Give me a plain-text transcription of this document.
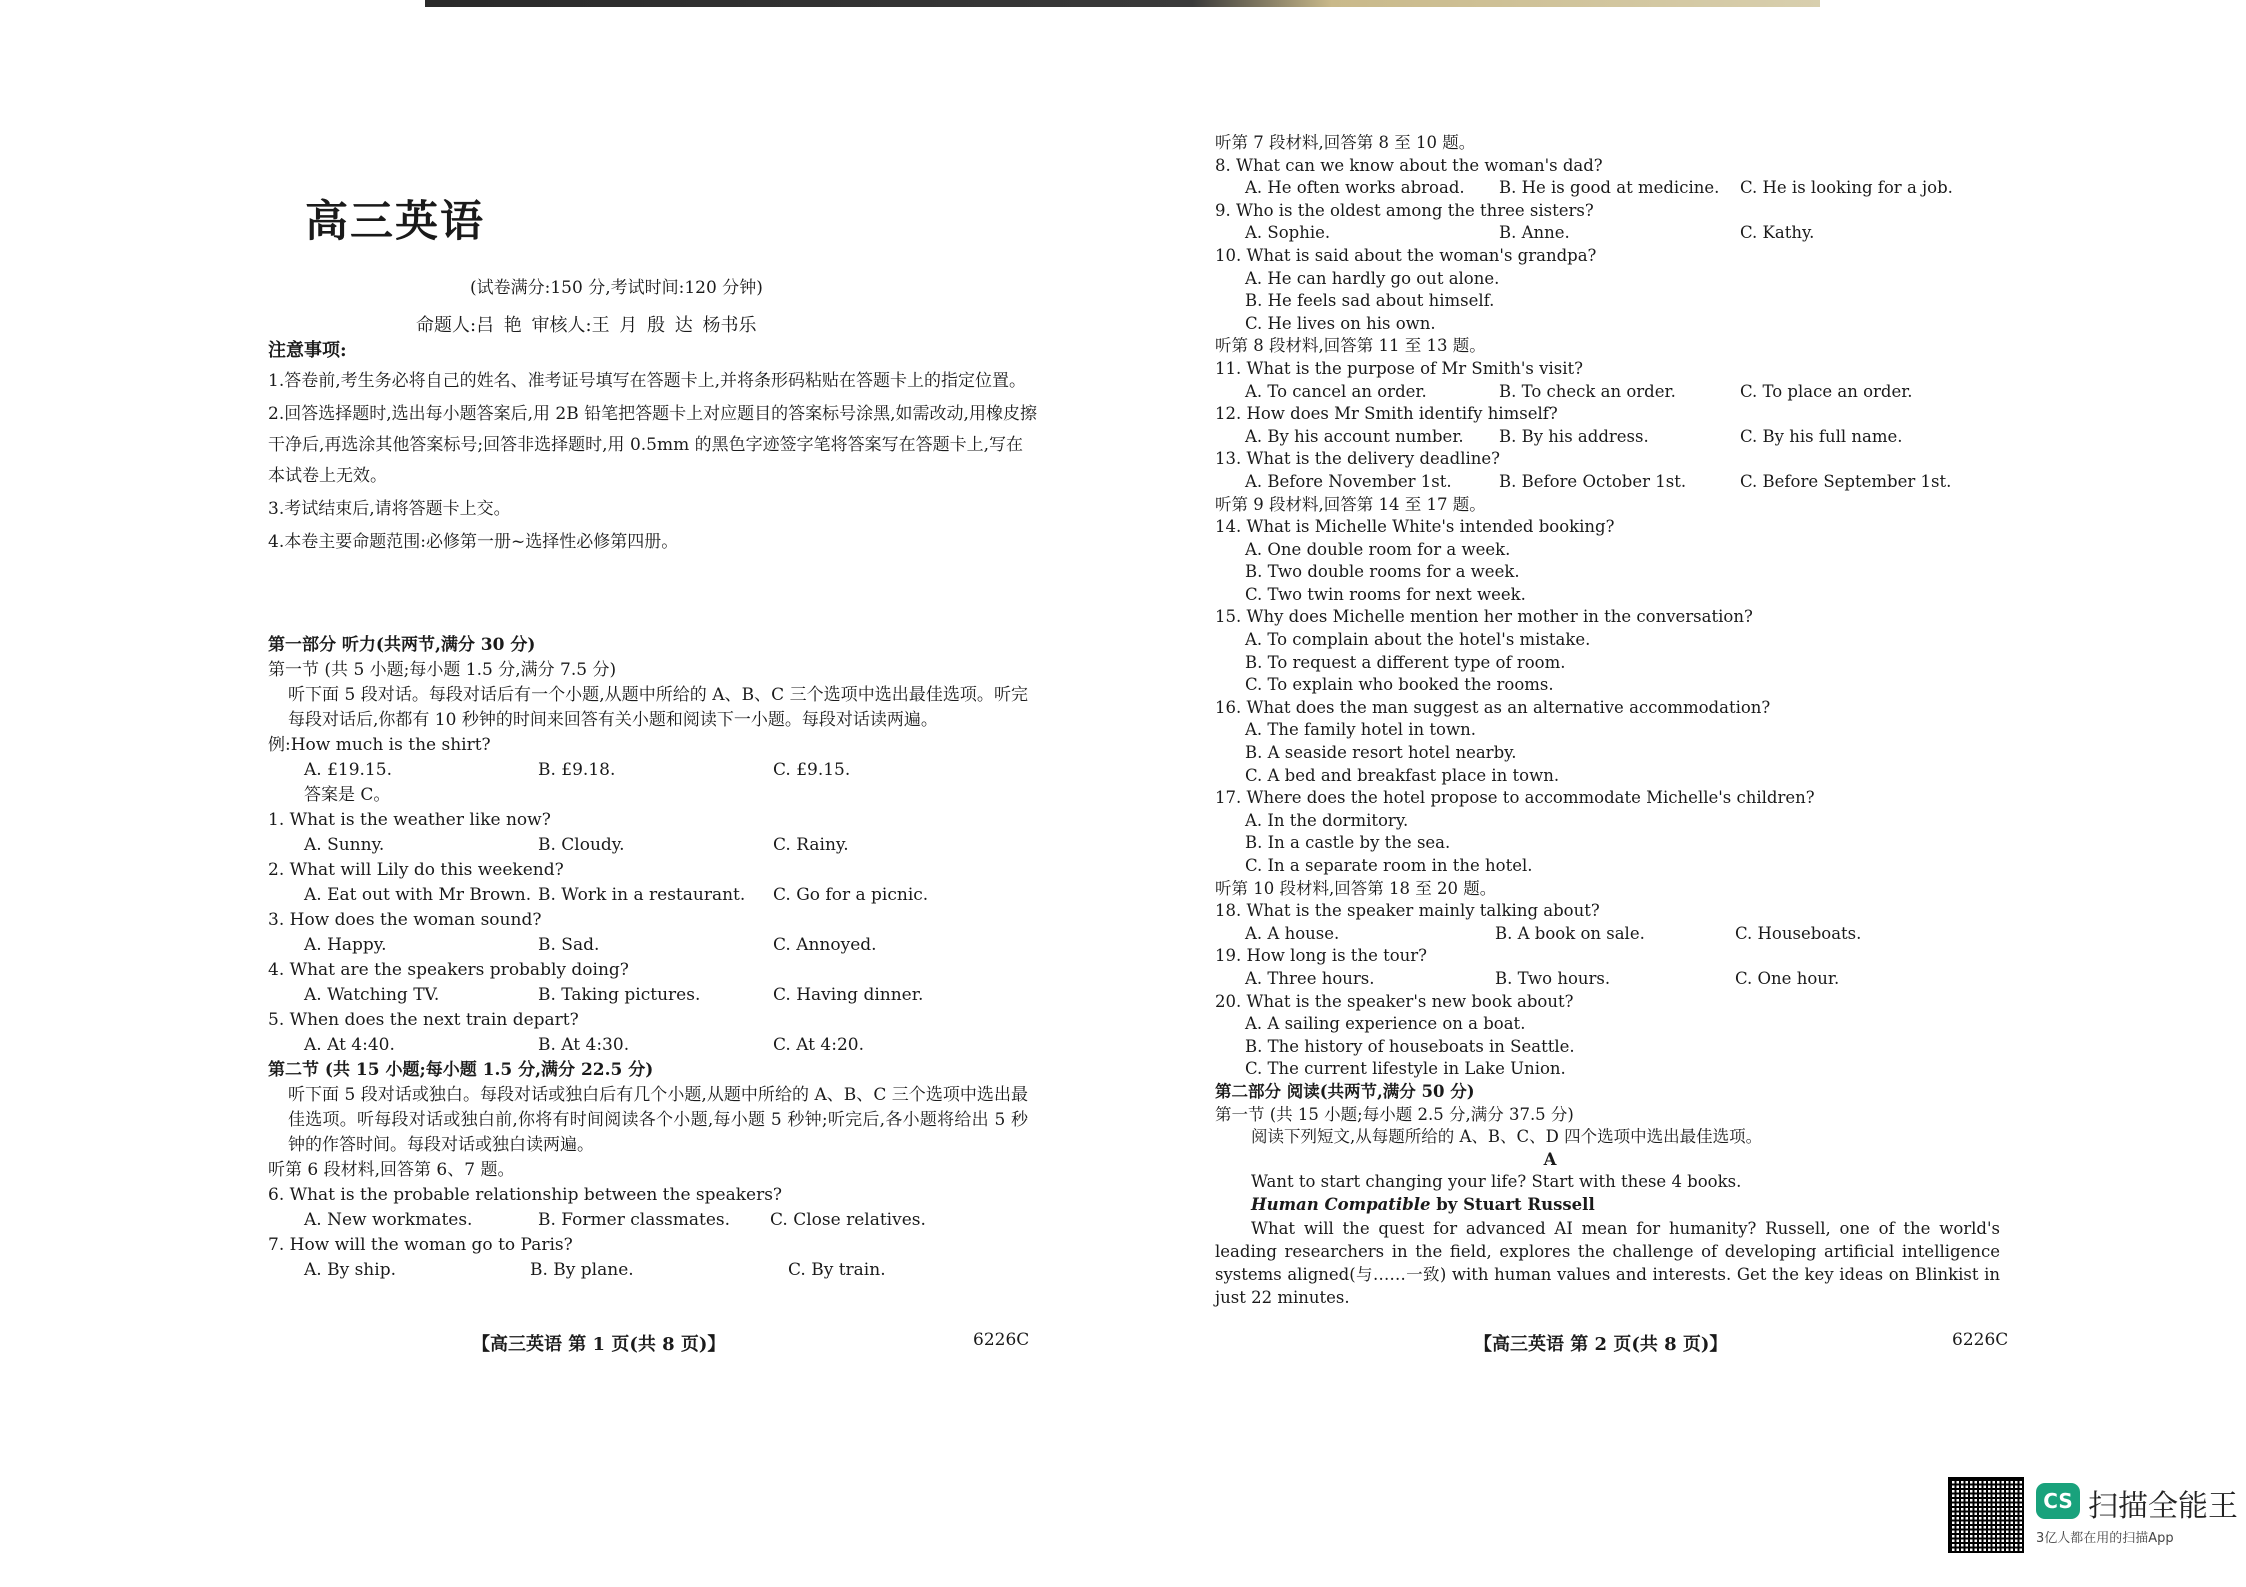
高三英语
(试卷满分:150 分,考试时间:120 分钟)
命题人:吕 艳 审核人:王 月 殷 达 杨书乐
注意事项:

1.答卷前,考生务必将自己的姓名、准考证号填写在答题卡上,并将条形码粘贴在答题卡上的指定位置。

2.回答选择题时,选出每小题答案后,用 2B 铅笔把答题卡上对应题目的答案标号涂黑,如需改动,用橡皮擦干净后,再选涂其他答案标号;回答非选择题时,用 0.5mm 的黑色字迹签字笔将答案写在答题卡上,写在本试卷上无效。

3.考试结束后,请将答题卡上交。

4.本卷主要命题范围:必修第一册~选择性必修第四册。

第一部分 听力(共两节,满分 30 分)
第一节 (共 5 小题;每小题 1.5 分,满分 7.5 分)
听下面 5 段对话。每段对话后有一个小题,从题中所给的 A、B、C 三个选项中选出最佳选项。听完每段对话后,你都有 10 秒钟的时间来回答有关小题和阅读下一小题。每段对话读两遍。
例:How much is the shirt?
A. £19.15.	B. £9.18.	C. £9.15.
答案是 C。
1. What is the weather like now?
A. Sunny.	B. Cloudy.	C. Rainy.
2. What will Lily do this weekend?
A. Eat out with Mr Brown. B. Work in a restaurant. C. Go for a picnic.
3. How does the woman sound?
A. Happy.	B. Sad.	C. Annoyed.
4. What are the speakers probably doing?
A. Watching TV.	B. Taking pictures.	C. Having dinner.
5. When does the next train depart?
A. At 4:40.	B. At 4:30.	C. At 4:20.
第二节 (共 15 小题;每小题 1.5 分,满分 22.5 分)
听下面 5 段对话或独白。每段对话或独白后有几个小题,从题中所给的 A、B、C 三个选项中选出最佳选项。听每段对话或独白前,你将有时间阅读各个小题,每小题 5 秒钟;听完后,各小题将给出 5 秒钟的作答时间。每段对话或独白读两遍。
听第 6 段材料,回答第 6、7 题。
6. What is the probable relationship between the speakers?
A. New workmates.	B. Former classmates. C. Close relatives.
7. How will the woman go to Paris?
A. By ship.	B. By plane.	C. By train.
【高三英语 第 1 页(共 8 页)】	6226C
听第 7 段材料,回答第 8 至 10 题。
8. What can we know about the woman's dad?
A. He often works abroad. B. He is good at medicine. C. He is looking for a job.
9. Who is the oldest among the three sisters?
A. Sophie.	B. Anne.	C. Kathy.
10. What is said about the woman's grandpa?
A. He can hardly go out alone.
B. He feels sad about himself.
C. He lives on his own.
听第 8 段材料,回答第 11 至 13 题。
11. What is the purpose of Mr Smith's visit?
A. To cancel an order.	B. To check an order.	C. To place an order.
12. How does Mr Smith identify himself?
A. By his account number. B. By his address.	C. By his full name.
13. What is the delivery deadline?
A. Before November 1st.	B. Before October 1st.	C. Before September 1st.
听第 9 段材料,回答第 14 至 17 题。
14. What is Michelle White's intended booking?
A. One double room for a week.
B. Two double rooms for a week.
C. Two twin rooms for next week.
15. Why does Michelle mention her mother in the conversation?
A. To complain about the hotel's mistake.
B. To request a different type of room.
C. To explain who booked the rooms.
16. What does the man suggest as an alternative accommodation?
A. The family hotel in town.
B. A seaside resort hotel nearby.
C. A bed and breakfast place in town.
17. Where does the hotel propose to accommodate Michelle's children?
A. In the dormitory.
B. In a castle by the sea.
C. In a separate room in the hotel.
听第 10 段材料,回答第 18 至 20 题。
18. What is the speaker mainly talking about?
A. A house.	B. A book on sale.	C. Houseboats.
19. How long is the tour?
A. Three hours.	B. Two hours.	C. One hour.
20. What is the speaker's new book about?
A. A sailing experience on a boat.
B. The history of houseboats in Seattle.
C. The current lifestyle in Lake Union.
第二部分 阅读(共两节,满分 50 分)
第一节 (共 15 小题;每小题 2.5 分,满分 37.5 分)
阅读下列短文,从每题所给的 A、B、C、D 四个选项中选出最佳选项。
A
Want to start changing your life? Start with these 4 books.
Human Compatible by Stuart Russell
What will the quest for advanced AI mean for humanity? Russell, one of the world's leading researchers in the field, explores the challenge of developing artificial intelligence systems aligned(与……一致) with human values and interests. Get the key ideas on Blinkist in just 22 minutes.
【高三英语 第 2 页(共 8 页)】	6226C
CS 扫描全能王
3亿人都在用的扫描App
